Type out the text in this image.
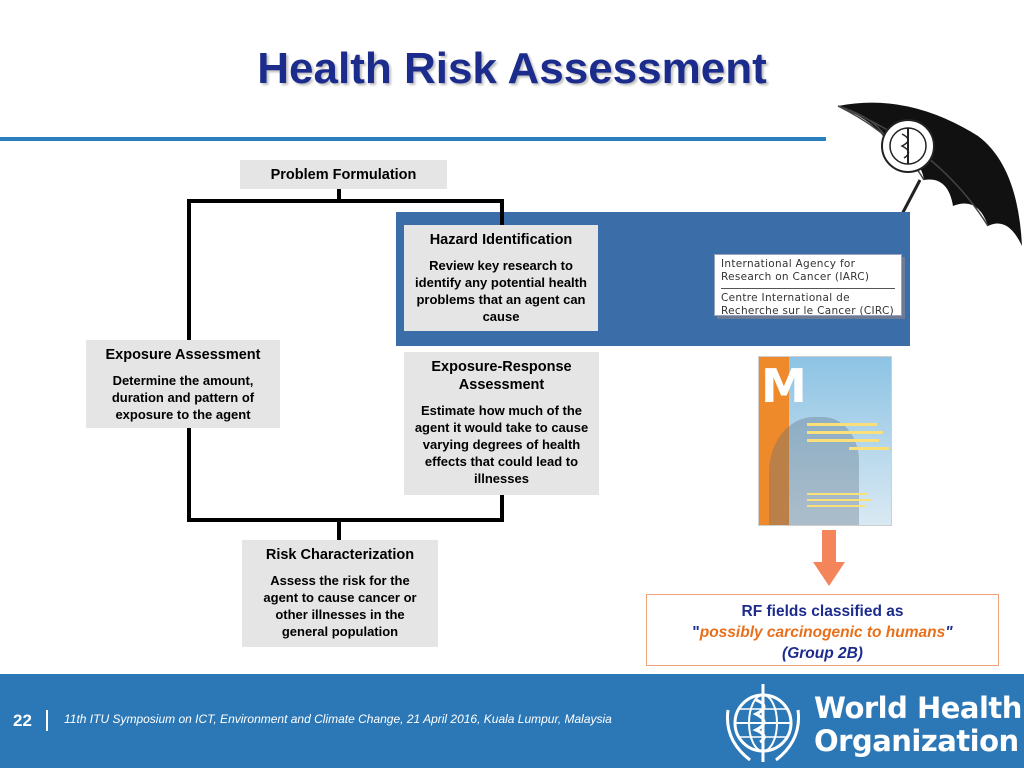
Health Risk Assessment
Problem Formulation
Hazard Identification
Review key research to identify any potential health problems that an agent can cause
Exposure Assessment
Determine the amount, duration and pattern of exposure to the agent
Exposure-Response Assessment
Estimate how much of the agent it would take to cause varying degrees of health effects that could lead to illnesses
Risk Characterization
Assess the risk for the agent to cause cancer or other illnesses in the general population
International Agency for
Research on Cancer (IARC)
Centre International de
Recherche sur le Cancer (CIRC)
M
RF fields classified as
"possibly carcinogenic to humans"
(Group 2B)
22	11th ITU Symposium on ICT, Environment and Climate Change, 21 April 2016, Kuala Lumpur, Malaysia	World Health
Organization
